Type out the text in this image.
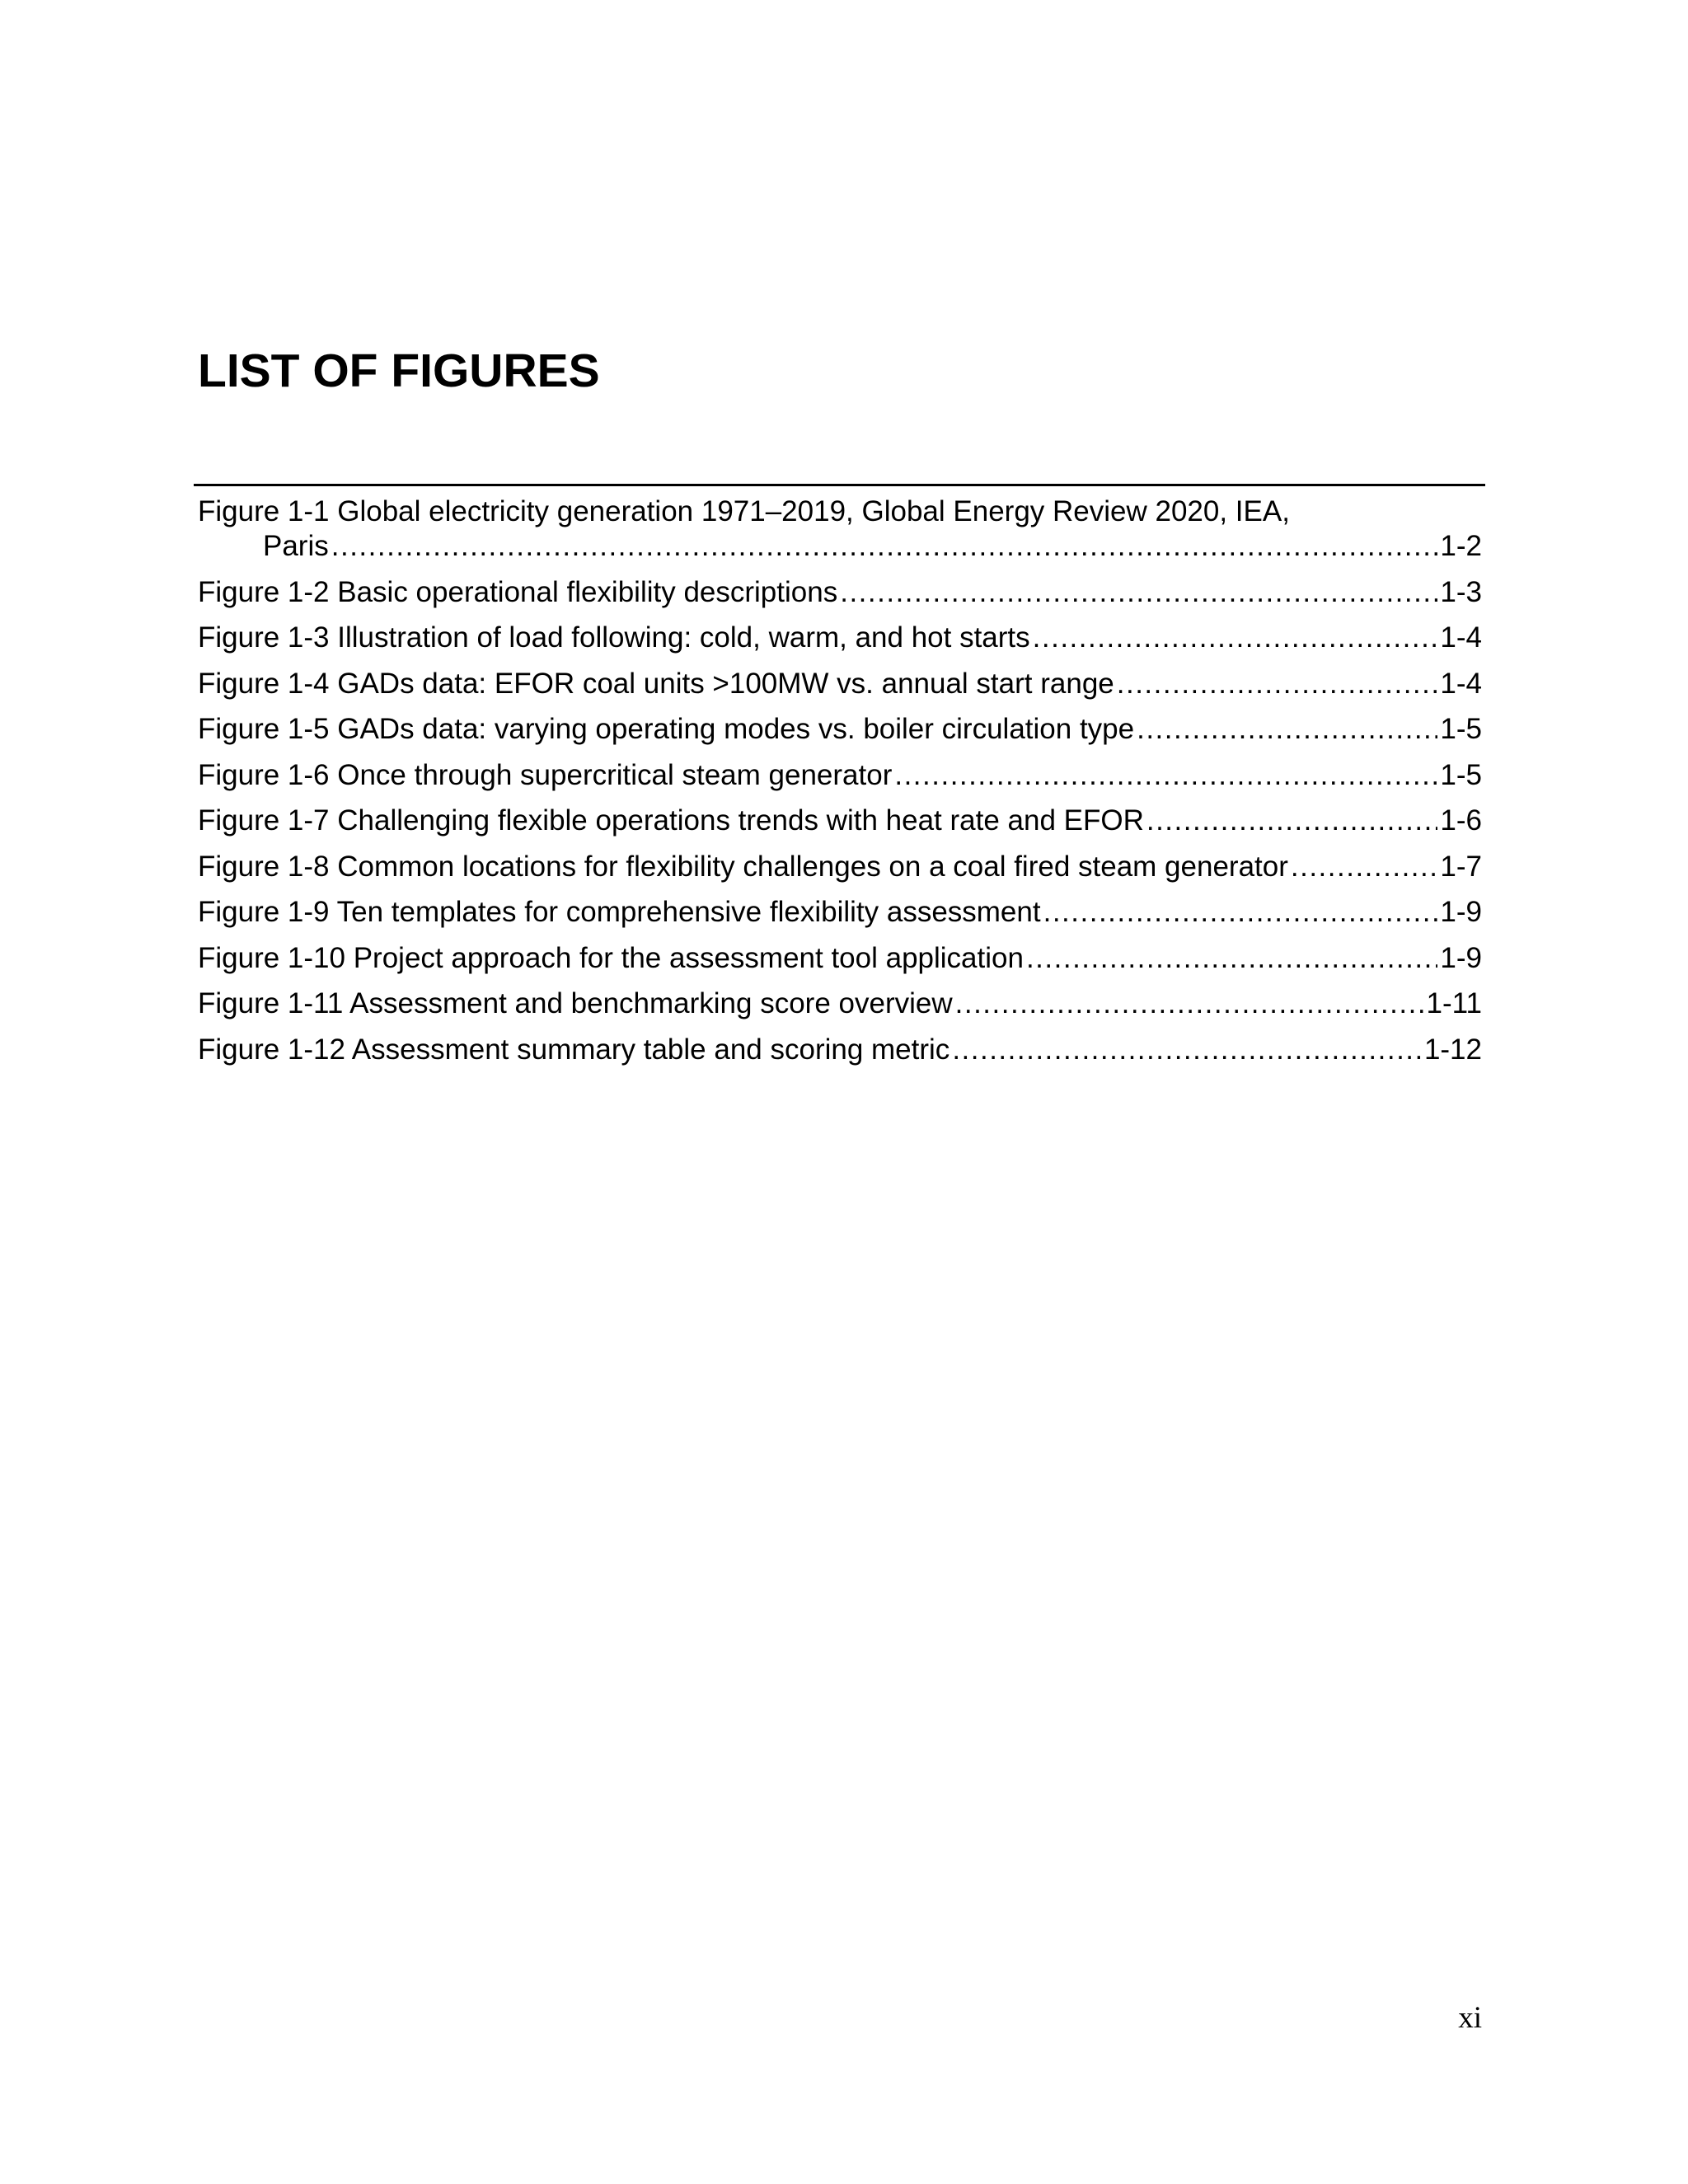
LIST OF FIGURES
Figure 1-1 Global electricity generation 1971–2019, Global Energy Review 2020, IEA,
Paris .....	1-2
Figure 1-2 Basic operational flexibility descriptions .....	1-3
Figure 1-3 Illustration of load following: cold, warm, and hot starts .....	1-4
Figure 1-4 GADs data: EFOR coal units >100MW vs. annual start range .....	1-4
Figure 1-5 GADs data: varying operating modes vs. boiler circulation type .....	1-5
Figure 1-6 Once through supercritical steam generator .....	1-5
Figure 1-7 Challenging flexible operations trends with heat rate and EFOR .....	1-6
Figure 1-8 Common locations for flexibility challenges on a coal fired steam generator .....	1-7
Figure 1-9 Ten templates for comprehensive flexibility assessment .....	1-9
Figure 1-10 Project approach for the assessment tool application .....	1-9
Figure 1-11 Assessment and benchmarking score overview .....	1-11
Figure 1-12 Assessment summary table and scoring metric .....	1-12

xi
